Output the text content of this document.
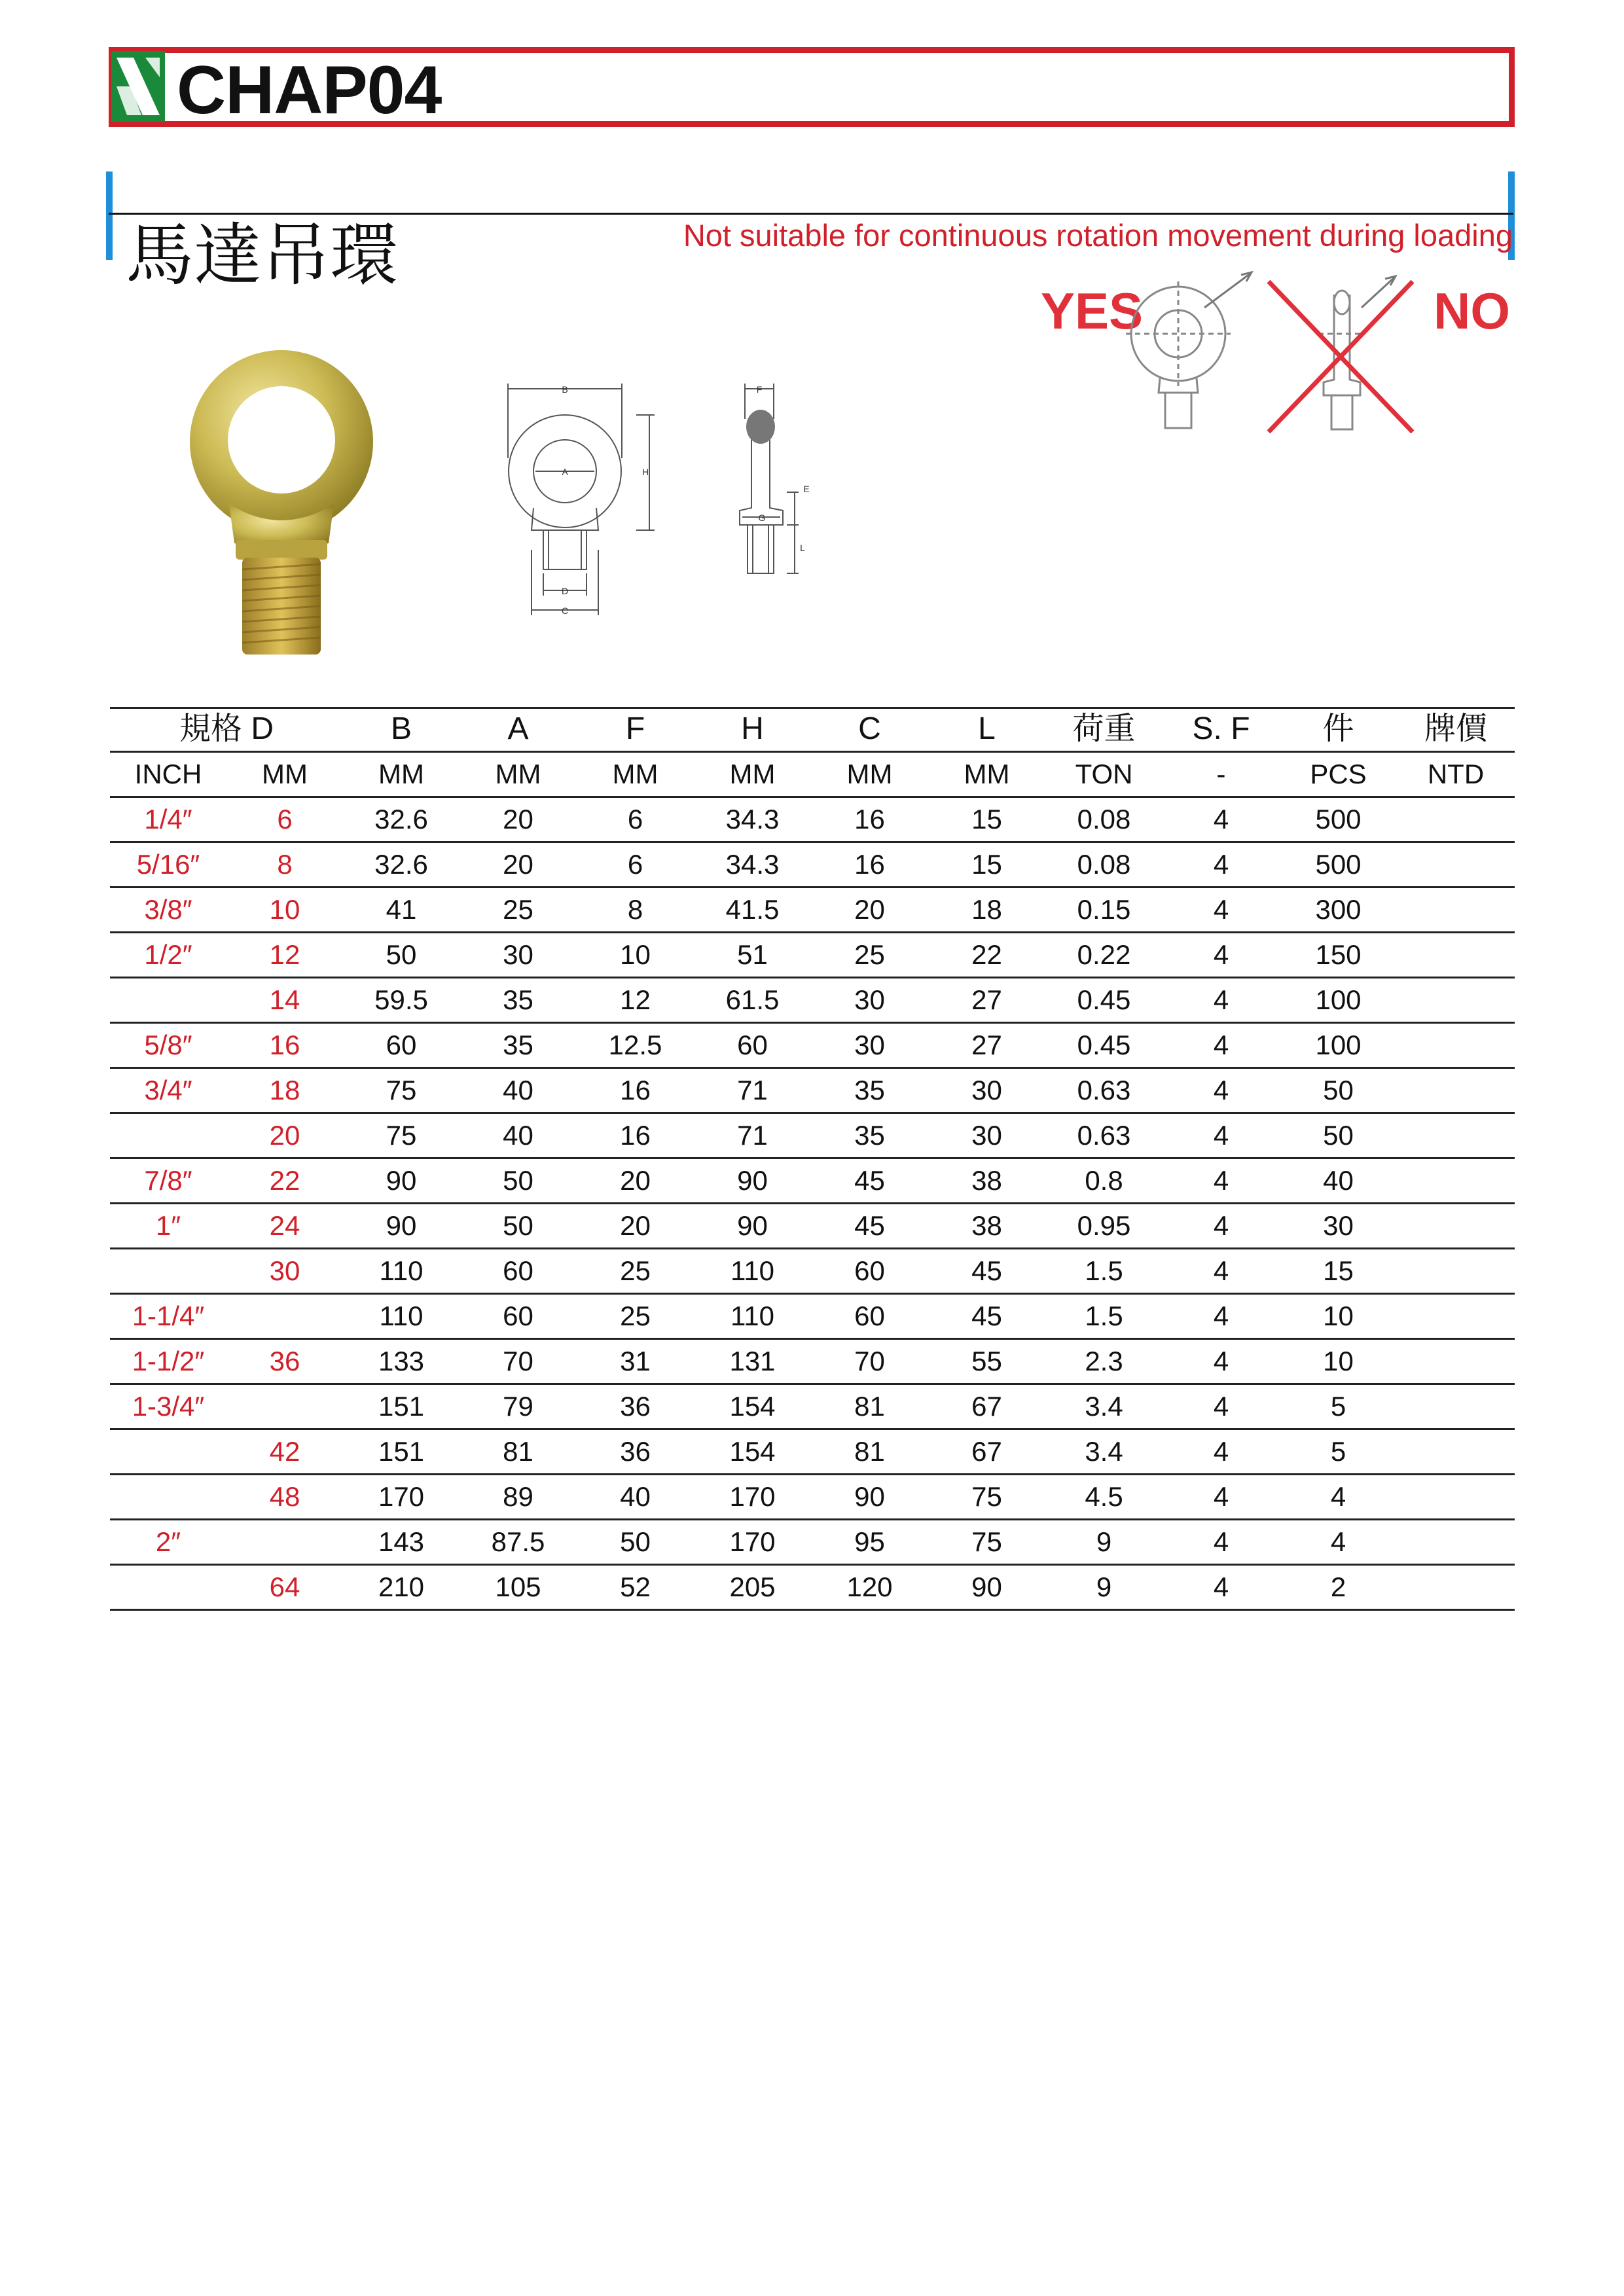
CHAP04
馬達吊環	Not suitable for continuous rotation movement during loading
B
A	H
D
C
F
G
E
L
YES	NO
規格 D		B	A	F	H	C	L	荷重	S. F	件	牌價
INCH	MM	MM	MM	MM	MM	MM	MM	TON	-	PCS	NTD
1/4″	6	32.6	20	6	34.3	16	15	0.08	4	500	
5/16″	8	32.6	20	6	34.3	16	15	0.08	4	500	
3/8″	10	41	25	8	41.5	20	18	0.15	4	300	
1/2″	12	50	30	10	51	25	22	0.22	4	150	
	14	59.5	35	12	61.5	30	27	0.45	4	100	
5/8″	16	60	35	12.5	60	30	27	0.45	4	100	
3/4″	18	75	40	16	71	35	30	0.63	4	50	
	20	75	40	16	71	35	30	0.63	4	50	
7/8″	22	90	50	20	90	45	38	0.8	4	40	
1″	24	90	50	20	90	45	38	0.95	4	30	
	30	110	60	25	110	60	45	1.5	4	15	
1-1/4″		110	60	25	110	60	45	1.5	4	10	
1-1/2″	36	133	70	31	131	70	55	2.3	4	10	
1-3/4″		151	79	36	154	81	67	3.4	4	5	
	42	151	81	36	154	81	67	3.4	4	5	
	48	170	89	40	170	90	75	4.5	4	4	
2″		143	87.5	50	170	95	75	9	4	4	
	64	210	105	52	205	120	90	9	4	2	
